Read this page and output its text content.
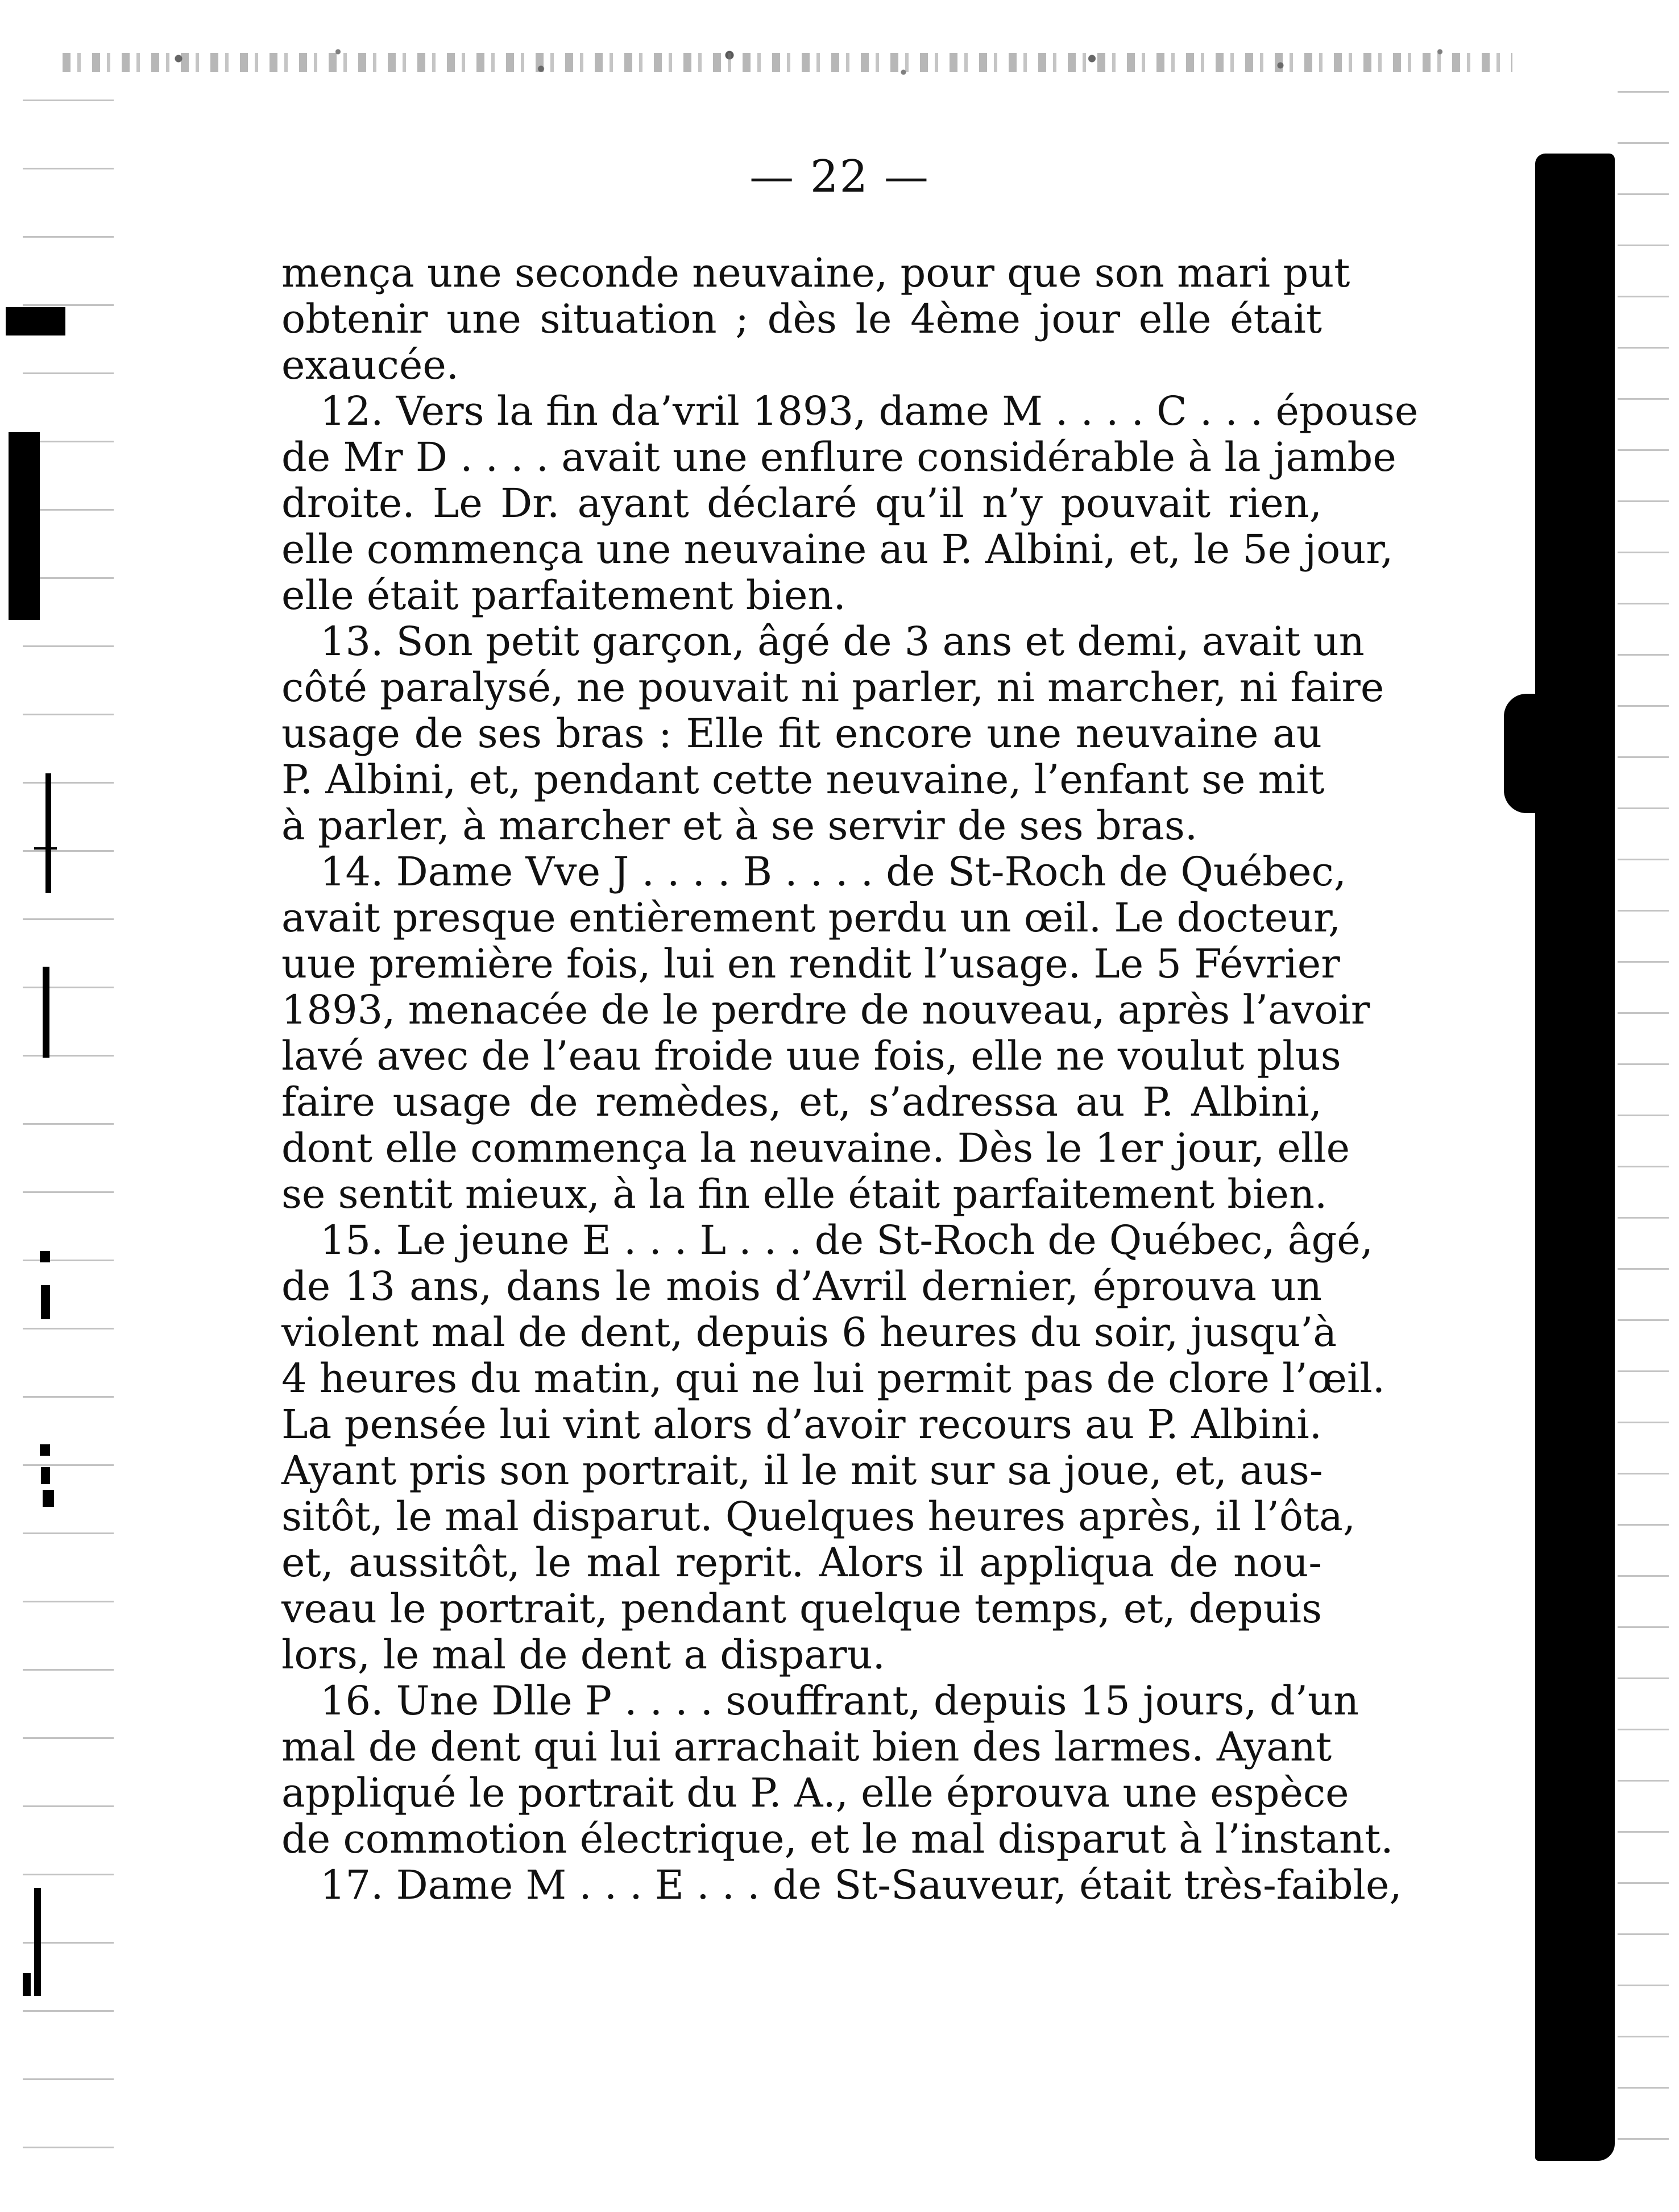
— 22 —
mença une seconde neuvaine, pour que son mari put
obtenir une situation ; dès le 4ème jour elle était
exaucée.
12. Vers la fin da’vril 1893, dame M . . . . C . . . épouse
de Mr D . . . . avait une enflure considérable à la jambe
droite. Le Dr. ayant déclaré qu’il n’y pouvait rien,
elle commença une neuvaine au P. Albini, et, le 5e jour,
elle était parfaitement bien.
13. Son petit garçon, âgé de 3 ans et demi, avait un
côté paralysé, ne pouvait ni parler, ni marcher, ni faire
usage de ses bras : Elle fit encore une neuvaine au
P. Albini, et, pendant cette neuvaine, l’enfant se mit
à parler, à marcher et à se servir de ses bras.
14. Dame Vve J . . . . B . . . . de St-Roch de Québec,
avait presque entièrement perdu un œil. Le docteur,
uue première fois, lui en rendit l’usage. Le 5 Février
1893, menacée de le perdre de nouveau, après l’avoir
lavé avec de l’eau froide uue fois, elle ne voulut plus
faire usage de remèdes, et, s’adressa au P. Albini,
dont elle commença la neuvaine. Dès le 1er jour, elle
se sentit mieux, à la fin elle était parfaitement bien.
15. Le jeune E . . . L . . . de St-Roch de Québec, âgé,
de 13 ans, dans le mois d’Avril dernier, éprouva un
violent mal de dent, depuis 6 heures du soir, jusqu’à
4 heures du matin, qui ne lui permit pas de clore l’œil.
La pensée lui vint alors d’avoir recours au P. Albini.
Ayant pris son portrait, il le mit sur sa joue, et, aus-
sitôt, le mal disparut. Quelques heures après, il l’ôta,
et, aussitôt, le mal reprit. Alors il appliqua de nou-
veau le portrait, pendant quelque temps, et, depuis
lors, le mal de dent a disparu.
16. Une Dlle P . . . . souffrant, depuis 15 jours, d’un
mal de dent qui lui arrachait bien des larmes. Ayant
appliqué le portrait du P. A., elle éprouva une espèce
de commotion électrique, et le mal disparut à l’instant.
17. Dame M . . . E . . . de St-Sauveur, était très-faible,
